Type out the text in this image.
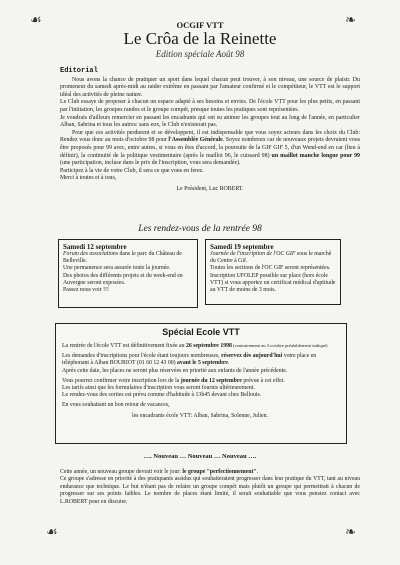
☙	❧
OCGIF VTT
Le Crôa de la Reinette
Edition spéciale Août 98
Editorial

Nous avons la chance de pratiquer un sport dans lequel chacun peut trouver, à son niveau, une source de plaisir. Du promeneur du samedi après-midi au raider extrême en passant par l'amateur confirmé et le compétiteur, le VTT est le support idéal des activités de pleine nature.

Le Club essaye de proposer à chacun un espace adapté à ses besoins et envies. De l'école VTT pour les plus petits, en passant par l'initiation, les groupes randos et le groupe compét, presque toutes les pratiques sont représentées.

Je voudrais d'ailleurs remercier en passant les encadrants qui ont su animer les groupes tout au long de l'année, en particulier Alban, Sabrina et tous les autres: sans eux, le Club n'existerait pas.

Pour que ces activités perdurent et se développent, il est indispensable que vous soyez acteurs dans les choix du Club: Rendez vous donc au mois d'octobre 98 pour l'Assemblée Générale. Soyez nombreux car de nouveaux projets devraient vous être proposés pour 99 avec, entre autres, si vous en êtes d'accord, la poursuite de la GIF GIF 5, d'un Wend-end en car (lieu à définir), la continuité de la politique vestimentaire (après le maillot 96, le cuissard 98) un maillot manche longue pour 99 (une participation, incluse dans le prix de l'inscription, vous sera demandée).

Participez à la vie de votre Club, il sera ce que vous en ferez.

Merci à toutes et à tous,

Le Président, Luc ROBERT.

Les rendez-vous de la rentrée 98
Samedi 12 septembre
Forum des associations dans le parc du Château de Belleville.
Une permanence sera assurée toute la journée.
Des photos des différents projets et du week-end en Auvergne seront exposées.
Passez nous voir !!!
Samedi 19 septembre
Journée de l'inscription de l'OC GIF sous le marché du Centre à Gif.
Toutes les sections de l'OC GIF seront représentées.
Inscription UFOLEP possible sur place (hors école VTT) si vous apportez un certificat médical d'aptitude au VTT de moins de 3 mois.
Spécial Ecole VTT

La rentrée de l'école VTT est définitivement fixée au 26 septembre 1998 (contrairement au 3 octobre préalablement indiqué)

Les demandes d'inscriptions pour l'école étant toujours nombreuses, réservez dès aujourd'hui votre place en téléphonant à Alban BOURIOT (01 60 12 43 00) avant le 5 septembre.
Après cette date, les places ne seront plus réservées en priorité aux enfants de l'année précédente.

Vous pourrez confirmer votre inscription lors de la journée du 12 septembre prévue à cet effet.
Les tarifs ainsi que les formulaires d'inscription vous seront fournis ultérieurement.
Le rendez-vous des sorties est prévu comme d'habitude à 13h45 devant chez Bellouis.

En vous souhaitant un bon retour de vacances,

les encadrants école VTT: Alban, Sabrina, Solenne, Julien.

…. Nouveau … Nouveau … Nouveau ….

Cette année, un nouveau groupe devrait voir le jour: le groupe "perfectionnement".

Ce groupe s'adresse en priorité à des pratiquants assidus qui souhaiteraient progresser dans leur pratique du VTT, tant au niveau endurance que technique. Le but n'étant pas de refaire un groupe compét mais plutôt un groupe qui permettrait à chacun de progresser sur ses points faibles. Le nombre de places étant limité, il serait souhaitable que vous pensiez contact avec L.ROBERT pour en discuter.

☙	❧
